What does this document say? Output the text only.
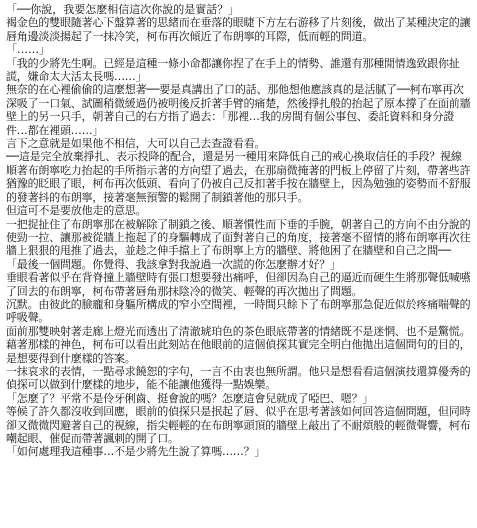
「──你說，我要怎麼相信這次你說的是實話？」

褐金色的雙眼隨著心下盤算著的思緒而在垂落的眼睫下方左右游移了片刻後，做出了某種決定的讓唇角邊淡淡揚起了一抹冷笑，柯布再次傾近了布朗寧的耳際，低而輕的問道。

「……」

「我的少將先生啊。已經是這種一條小命都讓你捏了在手上的情勢、誰還有那種閒情逸致跟你扯謊，嫌命太大活太長嗎……」

無奈的在心裡偷偷的這麼想著──要是真講出了口的話、那他想他應該真的是活膩了──柯布寧再次深吸了一口氣、試圖稍微緩過仍被明後反折著手臂的痛楚，然後掙扎般的抬起了原本撐了在面前牆壁上的另一只手，朝著自己的右方指了過去：「那裡…我的房間有個公事包、委託資料和身分證件…都在裡頭……」

言下之意就是如果他不相信，大可以自己去查證看看。

──這是完全放棄掙扎、表示投降的配合，還是另一種用來降低自己的戒心換取信任的手段？視線順著布朗寧吃力抬起的手所指示著的方向望了過去，在那扇微掩著的門板上停留了片刻，帶著些許猶豫的眨眼了眼，柯布再次低頭、看向了仍被自己反扣著手按在牆壁上，因為勉強的姿勢而不舒服的發著抖的布朗寧，接著毫無預警的鬆開了制鎖著他的那只手。

但這可不是要放他走的意思。

一把捉扯住了布朗寧那在被解除了制鎖之後、順著慣性而下垂的手腕，朝著自己的方向不由分說的使勁一拉、讓那被從牆上拖起了的身驅轉成了面對著自己的角度，接著毫不留情的將布朗寧再次往牆上狠狠的甩推了過去，並趁之伸手擋上了布朗寧上方的牆壁、將他困了在牆壁和自己之間──

「最後一個問題。你覺得、我該拿對我說過一次謊的你怎麼辦才好？」

垂眼看著似乎在背脊撞上牆壁時有張口想要發出痛呼，但卻因為自己的逼近而硬生生將那聲低喊嚥了回去的布朗寧，柯布帶著唇角那抹陰冷的微笑、輕聲的再次拋出了問題。

沉默。由彼此的臉龐和身軀所構成的窄小空間裡，一時間只餘下了布朗寧那急促近似於疼痛喘聲的呼吸聲。

面前那雙映射著走廊上燈光而透出了清澈琥珀色的茶色眼底帶著的情緒既不是迷惘、也不是驚慌。藉著那樣的神色，柯布可以看出此刻站在他眼前的這個偵探其實完全明白他拋出這個問句的目的，是想要得到什麼樣的答案。

一抹哀求的表情，一點尋求饒恕的字句，一言不由衷也無所謂。他只是想看看這個演技還算優秀的偵探可以做到什麼樣的地步，能不能讓他獲得一點娛樂。

「怎麼了？平常不是伶牙俐齒、挺會說的嗎？怎麼這會兒就成了啞巴、嗯？」

等候了許久都沒收到回應，眼前的偵探只是抿起了唇、似乎在思考著該如何回答這個問題，但同時卻又微微閃避著自己的視線，指尖輕輕的在布朗寧頭頂的牆壁上敲出了不耐煩般的輕微聲響，柯布嘲起眼、催促而帶著諷刺的開了口。

「如何處理我這種事…不是少將先生說了算嗎……？」
